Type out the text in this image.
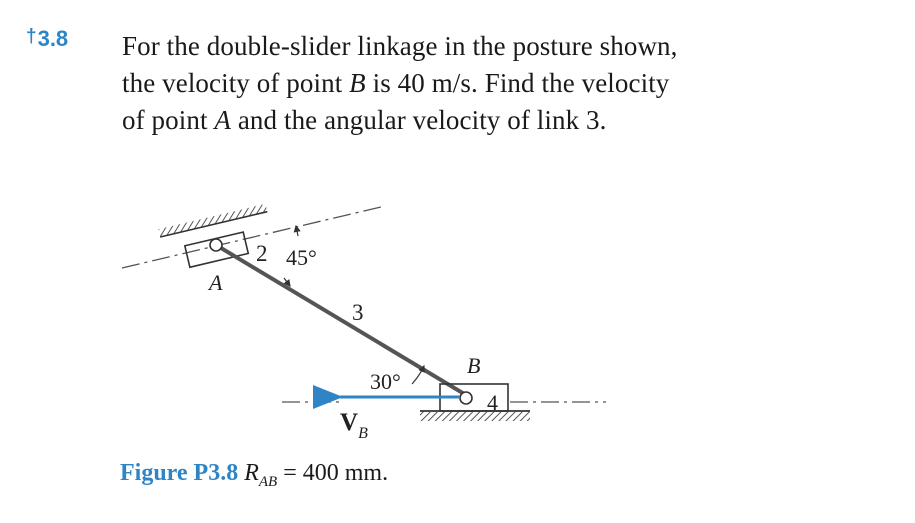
†3.8 For the double-slider linkage in the posture shown,
the velocity of point B is 40 m/s. Find the velocity
of point A and the angular velocity of link 3.
A
2 45°
3
B
30°
4
$V_B$
Figure P3.8 $R_{AB} = 400$ mm.
